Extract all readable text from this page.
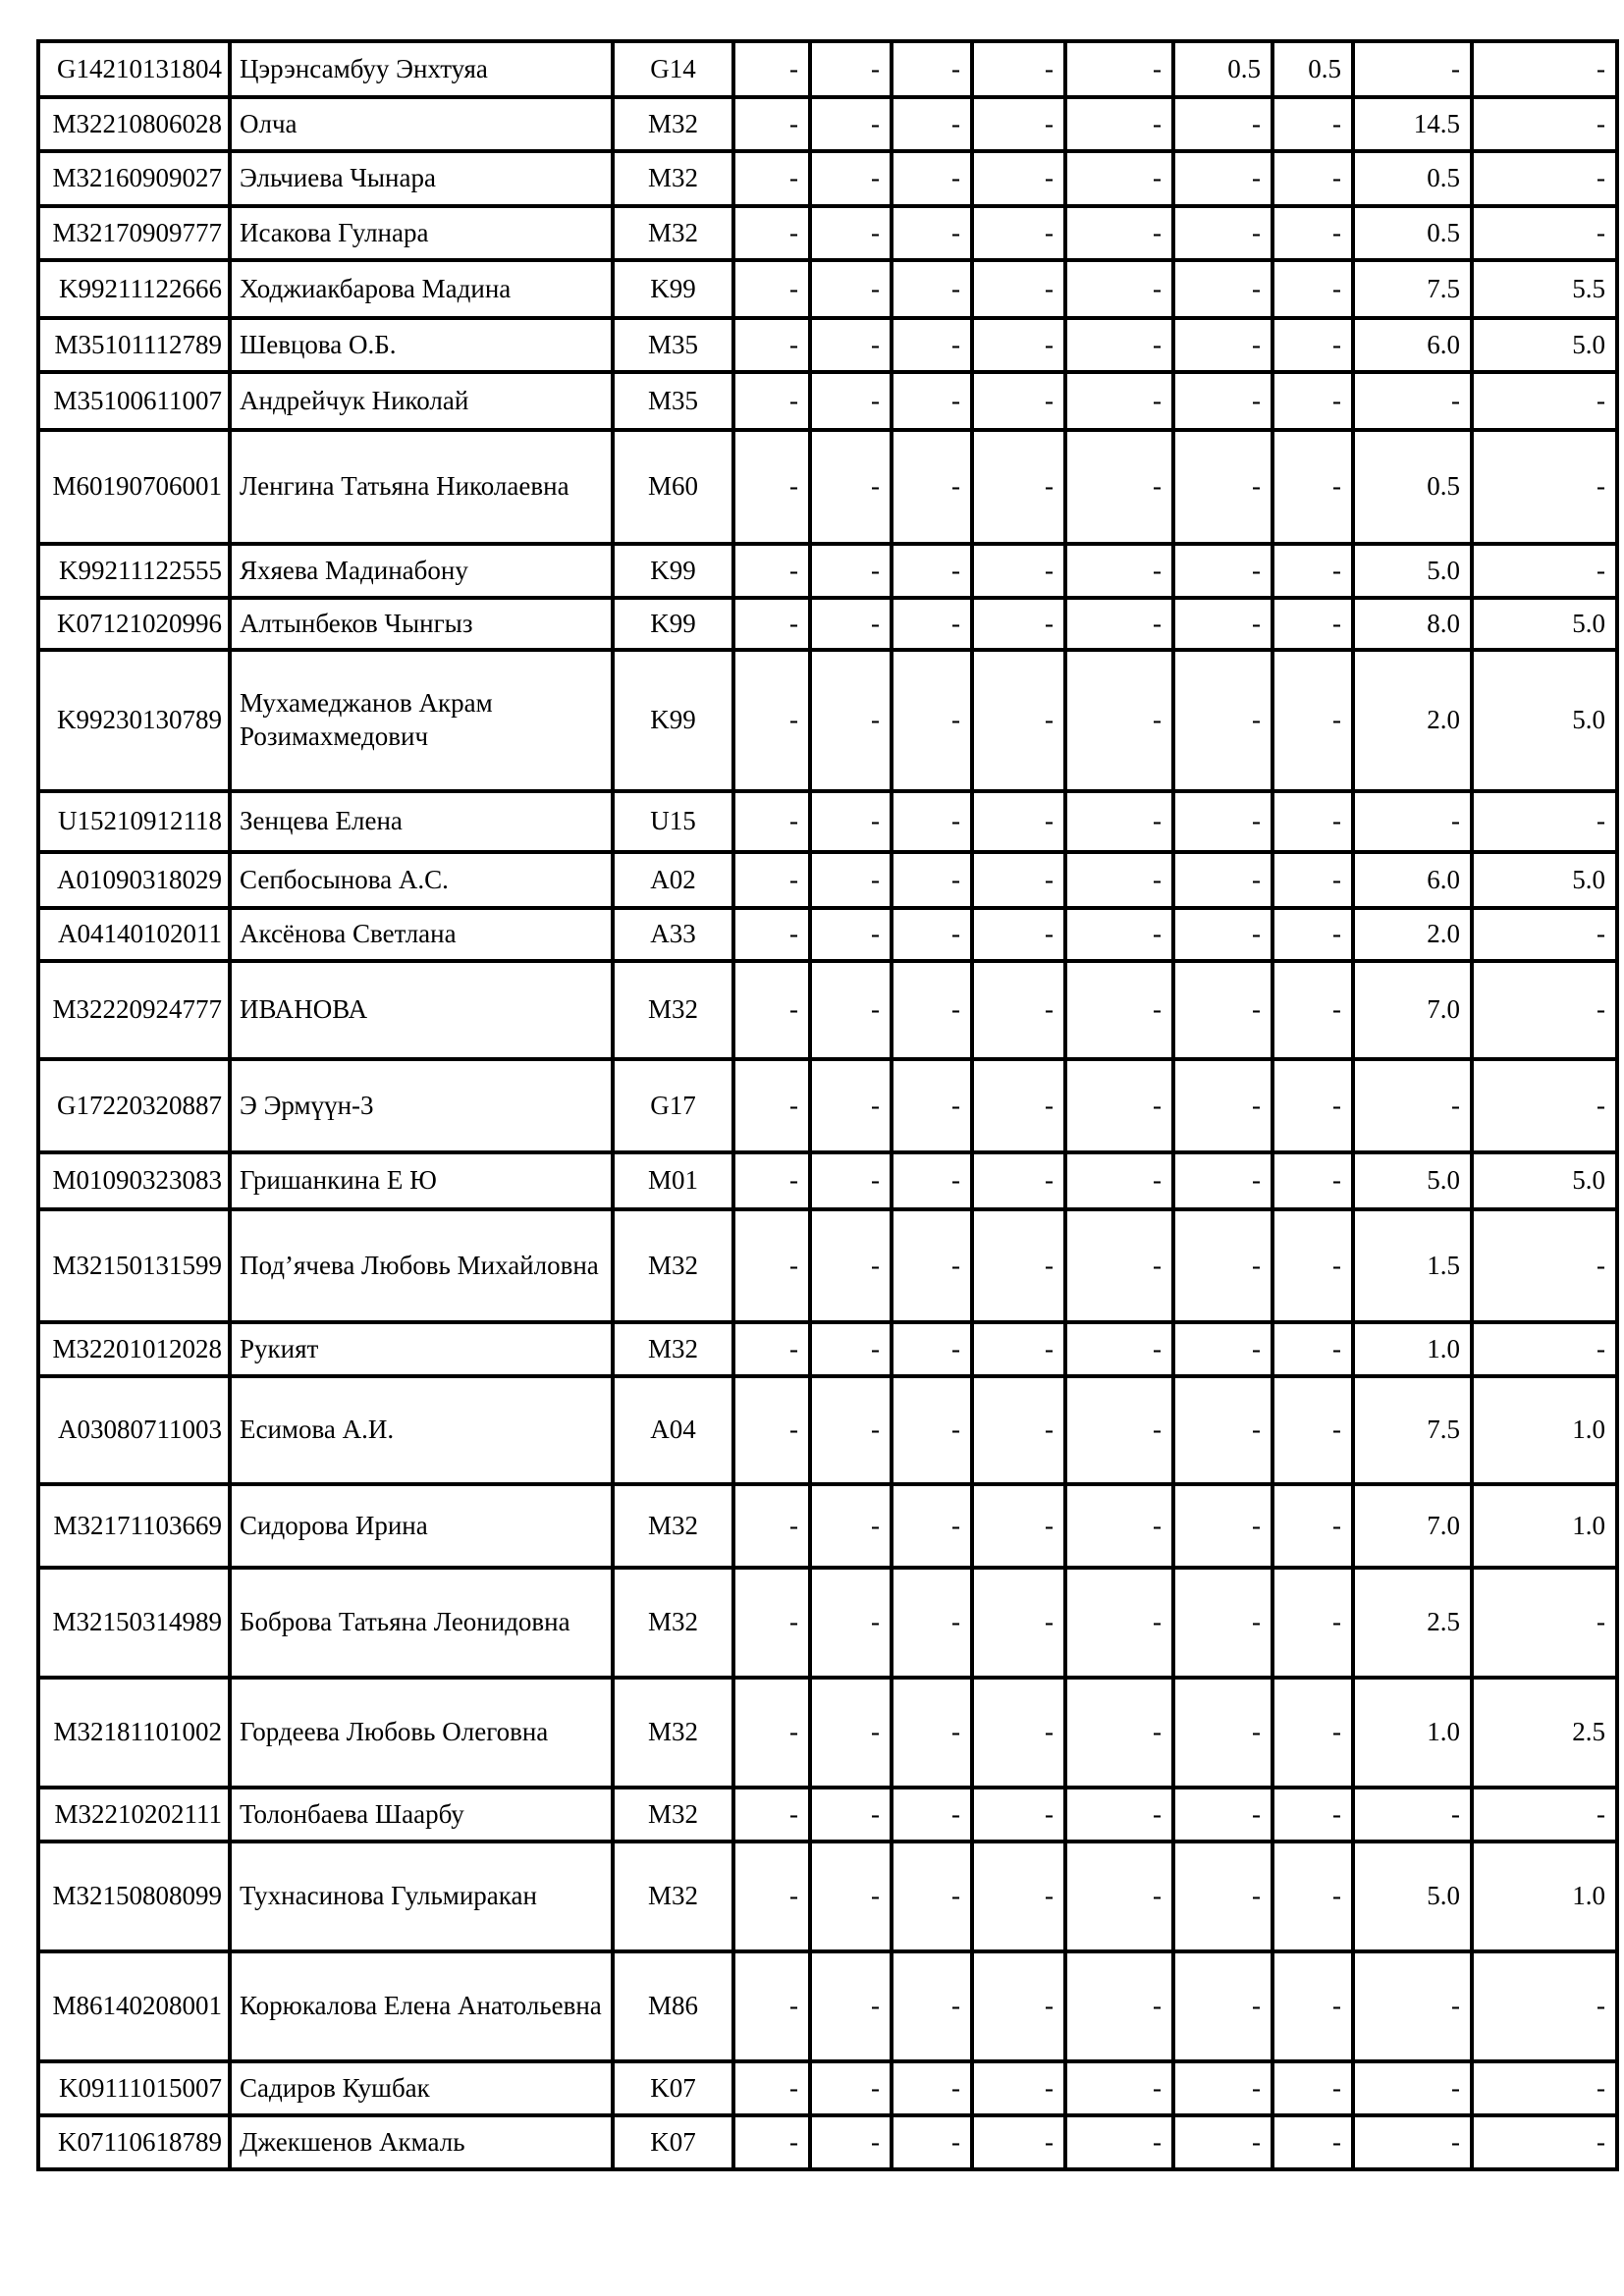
G14210131804	Цэрэнсамбуу Энхтуяа	G14	-	-	-	-	-	0.5	0.5	-	-
M32210806028	Олча	M32	-	-	-	-	-	-	-	14.5	-
M32160909027	Эльчиева Чынара	M32	-	-	-	-	-	-	-	0.5	-
M32170909777	Исакова Гулнара	M32	-	-	-	-	-	-	-	0.5	-
K99211122666	Ходжиакбарова Мадина	K99	-	-	-	-	-	-	-	7.5	5.5
M35101112789	Шевцова О.Б.	M35	-	-	-	-	-	-	-	6.0	5.0
M35100611007	Андрейчук Николай	M35	-	-	-	-	-	-	-	-	-
M60190706001	Ленгина Татьяна Николаевна	M60	-	-	-	-	-	-	-	0.5	-
K99211122555	Яхяева Мадинабону	K99	-	-	-	-	-	-	-	5.0	-
K07121020996	Алтынбеков Чынгыз	K99	-	-	-	-	-	-	-	8.0	5.0
K99230130789	Мухамеджанов Акрам Розимахмедович	K99	-	-	-	-	-	-	-	2.0	5.0
U15210912118	Зенцева Елена	U15	-	-	-	-	-	-	-	-	-
A01090318029	Сепбосынова А.С.	A02	-	-	-	-	-	-	-	6.0	5.0
A04140102011	Аксёнова Светлана	A33	-	-	-	-	-	-	-	2.0	-
M32220924777	ИВАНОВА	M32	-	-	-	-	-	-	-	7.0	-
G17220320887	Э Эрмүүн-3	G17	-	-	-	-	-	-	-	-	-
M01090323083	Гришанкина Е Ю	M01	-	-	-	-	-	-	-	5.0	5.0
M32150131599	Под’ячева Любовь Михайловна	M32	-	-	-	-	-	-	-	1.5	-
M32201012028	Рукият	M32	-	-	-	-	-	-	-	1.0	-
A03080711003	Есимова А.И.	A04	-	-	-	-	-	-	-	7.5	1.0
M32171103669	Сидорова Ирина	M32	-	-	-	-	-	-	-	7.0	1.0
M32150314989	Боброва Татьяна Леонидовна	M32	-	-	-	-	-	-	-	2.5	-
M32181101002	Гордеева Любовь Олеговна	M32	-	-	-	-	-	-	-	1.0	2.5
M32210202111	Толонбаева Шаарбу	M32	-	-	-	-	-	-	-	-	-
M32150808099	Тухнасинова Гульмиракан	M32	-	-	-	-	-	-	-	5.0	1.0
M86140208001	Корюкалова Елена Анатольевна	M86	-	-	-	-	-	-	-	-	-
K09111015007	Садиров Кушбак	K07	-	-	-	-	-	-	-	-	-
K07110618789	Джекшенов Акмаль	K07	-	-	-	-	-	-	-	-	-
